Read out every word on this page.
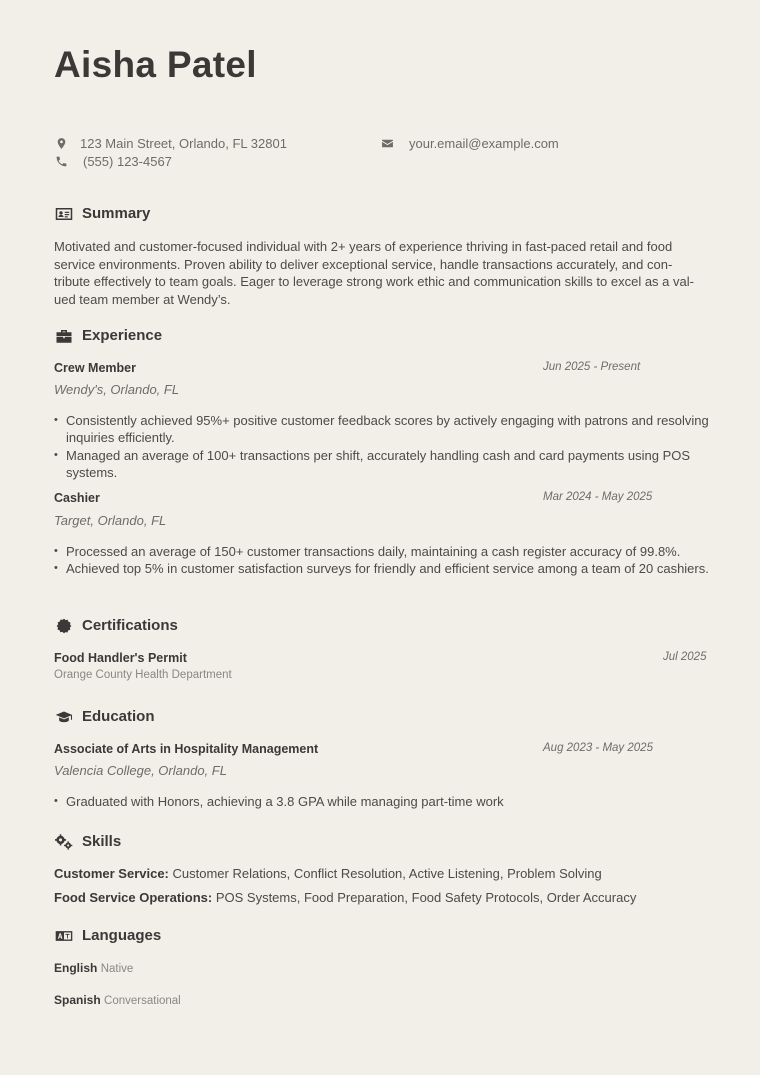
Aisha Patel
123 Main Street, Orlando, FL 32801	your.email@example.com
(555) 123-4567
Summary

Motivated and customer-focused individual with 2+ years of experience thriving in fast-paced retail and food service environments. Proven ability to deliver exceptional service, handle transactions accurately, and con-tribute effectively to team goals. Eager to leverage strong work ethic and communication skills to excel as a val-ued team member at Wendy’s.

Experience
Crew Member	Jun 2025 - Present
Wendy's, Orlando, FL
• Consistently achieved 95%+ positive customer feedback scores by actively engaging with patrons and resolving inquiries efficiently.
• Managed an average of 100+ transactions per shift, accurately handling cash and card payments using POS systems.
Cashier	Mar 2024 - May 2025
Target, Orlando, FL
• Processed an average of 150+ customer transactions daily, maintaining a cash register accuracy of 99.8%.
• Achieved top 5% in customer satisfaction surveys for friendly and efficient service among a team of 20 cashiers.
Certifications
Food Handler's Permit	Jul 2025
Orange County Health Department
Education
Associate of Arts in Hospitality Management	Aug 2023 - May 2025
Valencia College, Orlando, FL
• Graduated with Honors, achieving a 3.8 GPA while managing part-time work
Skills
Customer Service: Customer Relations, Conflict Resolution, Active Listening, Problem Solving
Food Service Operations: POS Systems, Food Preparation, Food Safety Protocols, Order Accuracy
Languages
English Native
Spanish Conversational
